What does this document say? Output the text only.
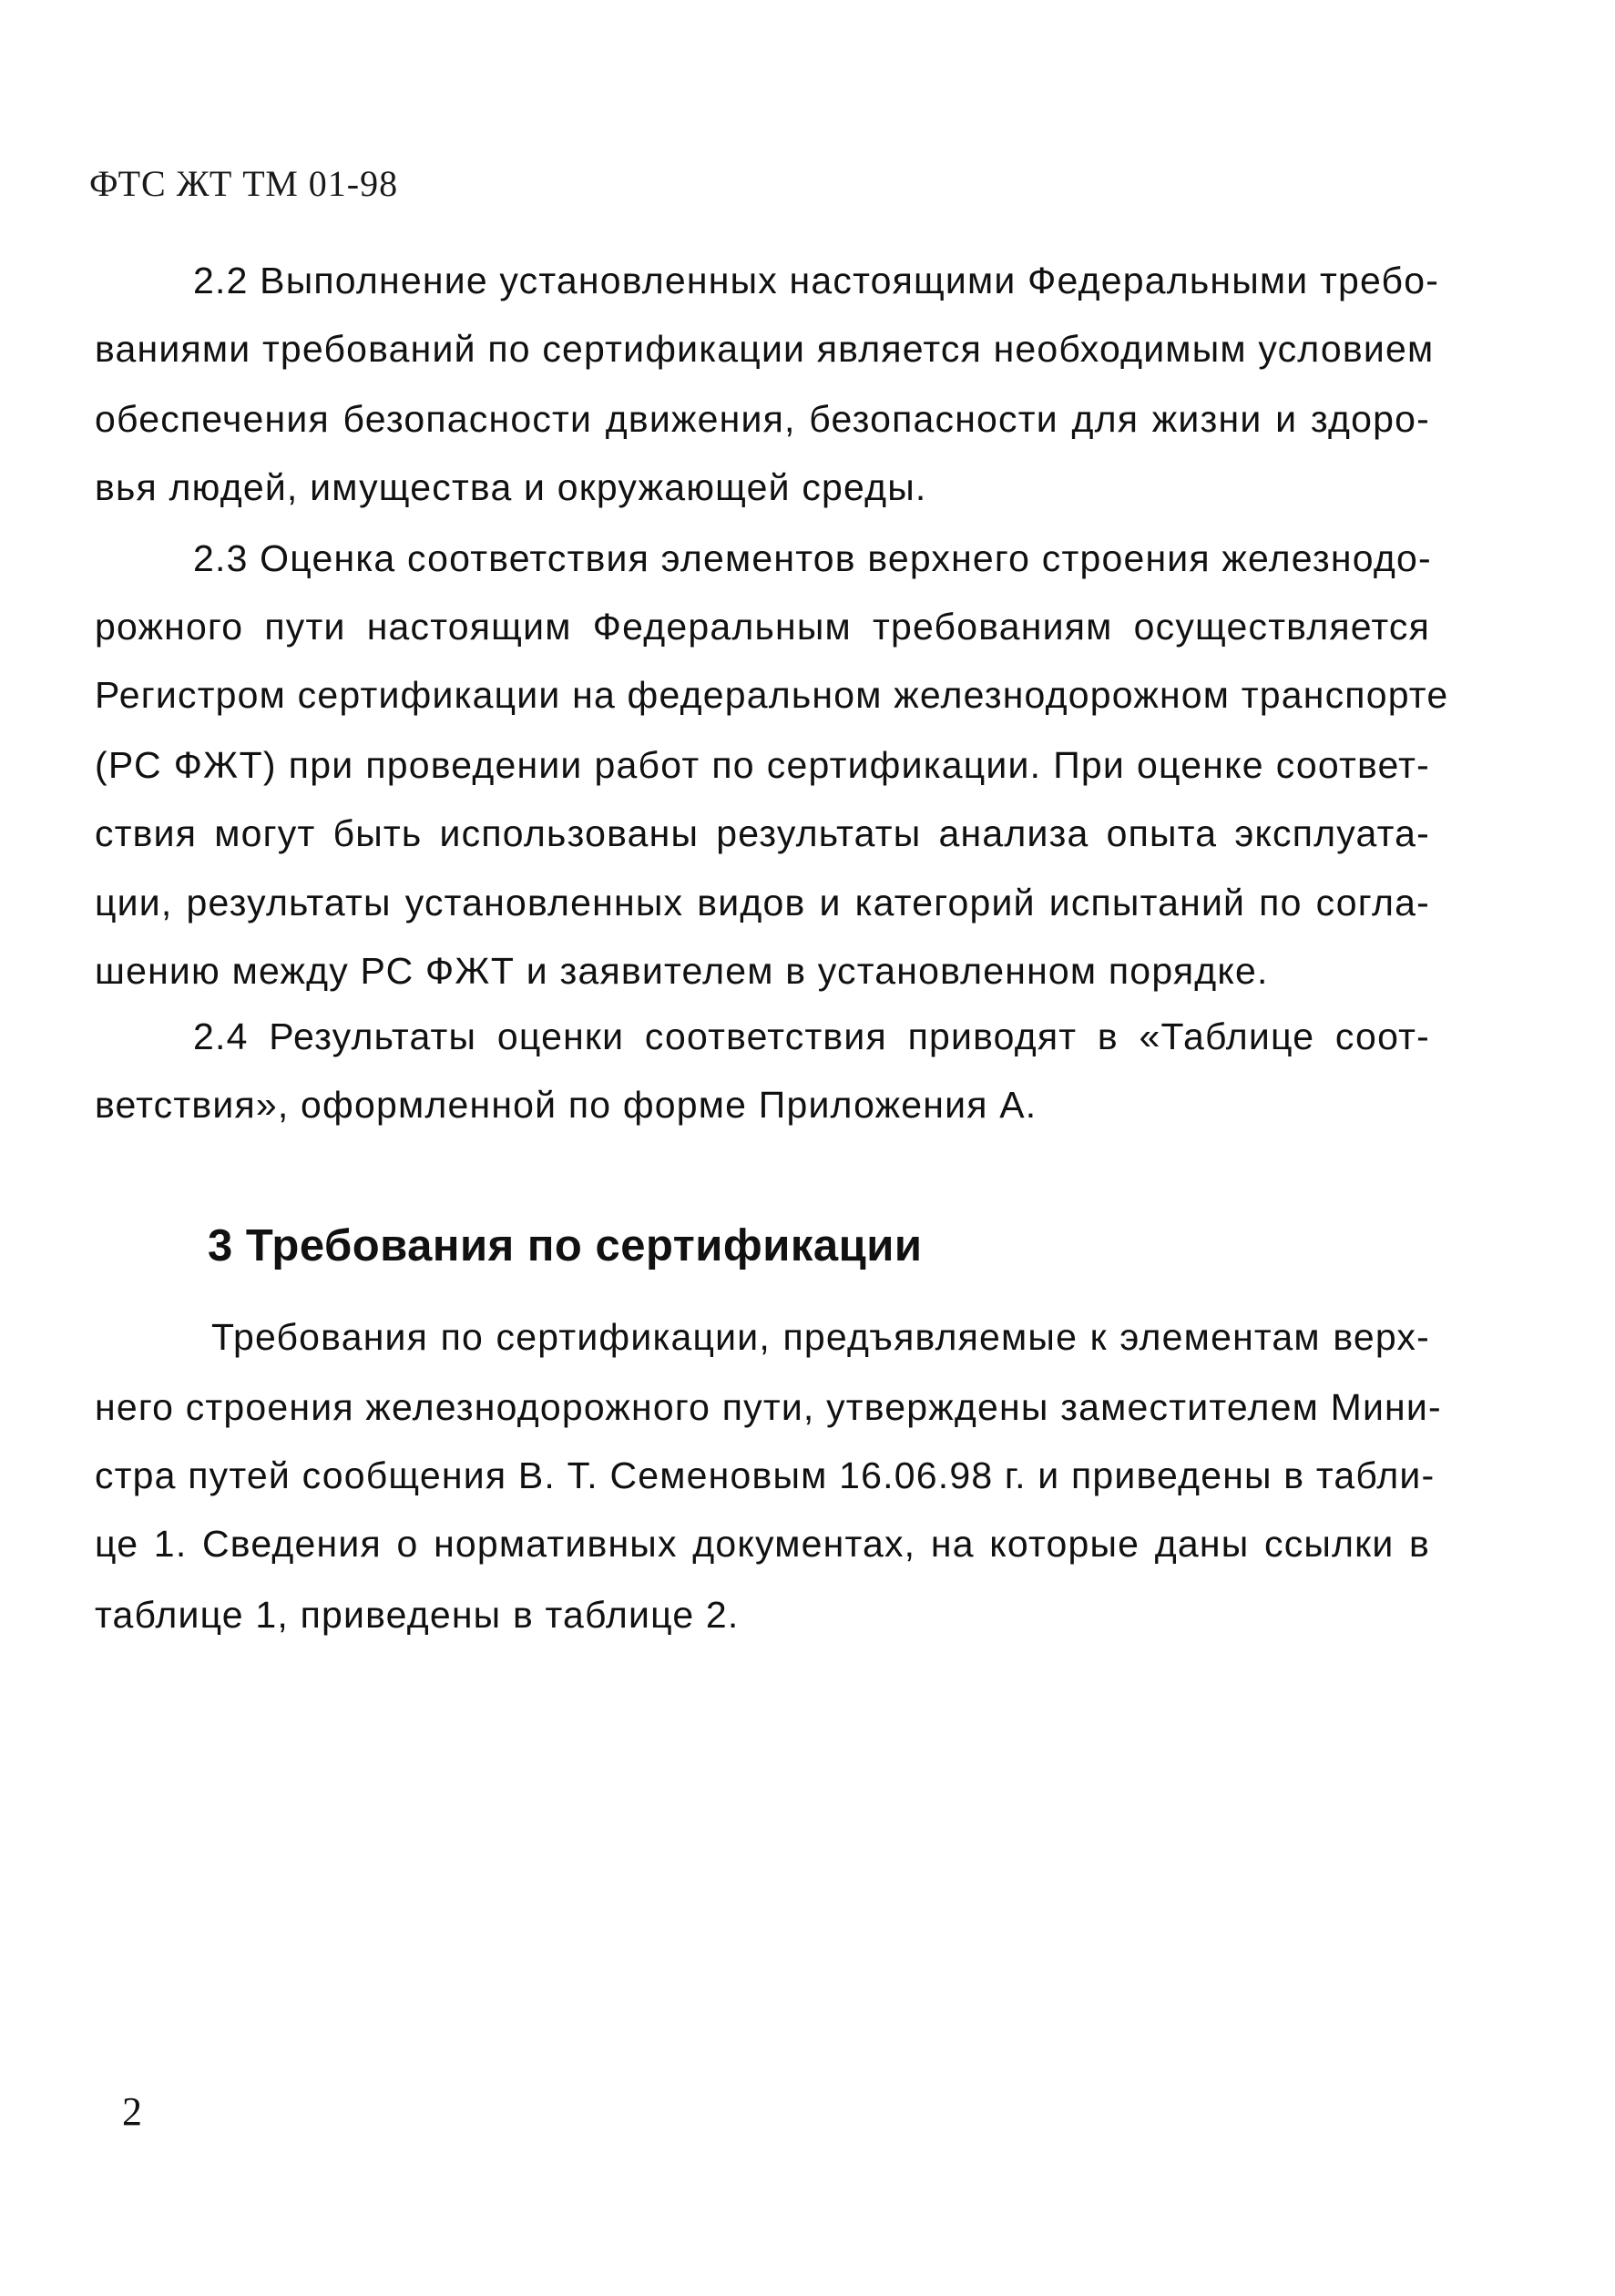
ФТС ЖТ ТМ 01-98
2.2 Выполнение установленных настоящими Федеральными требо-
ваниями требований по сертификации является необходимым условием
обеспечения безопасности движения, безопасности для жизни и здоро-
вья людей, имущества и окружающей среды.
2.3 Оценка соответствия элементов верхнего строения железнодо-
рожного пути настоящим Федеральным требованиям осуществляется
Регистром сертификации на федеральном железнодорожном транспорте
(РС ФЖТ) при проведении работ по сертификации. При оценке соответ-
ствия могут быть использованы результаты анализа опыта эксплуата-
ции, результаты установленных видов и категорий испытаний по согла-
шению между РС ФЖТ и заявителем в установленном порядке.
2.4 Результаты оценки соответствия приводят в «Таблице соот-
ветствия», оформленной по форме Приложения А.
3 Требования по сертификации
Требования по сертификации, предъявляемые к элементам верх-
него строения железнодорожного пути, утверждены заместителем Мини-
стра путей сообщения В. Т. Семеновым 16.06.98 г. и приведены в табли-
це 1. Сведения о нормативных документах, на которые даны ссылки в
таблице 1, приведены в таблице 2.
2
